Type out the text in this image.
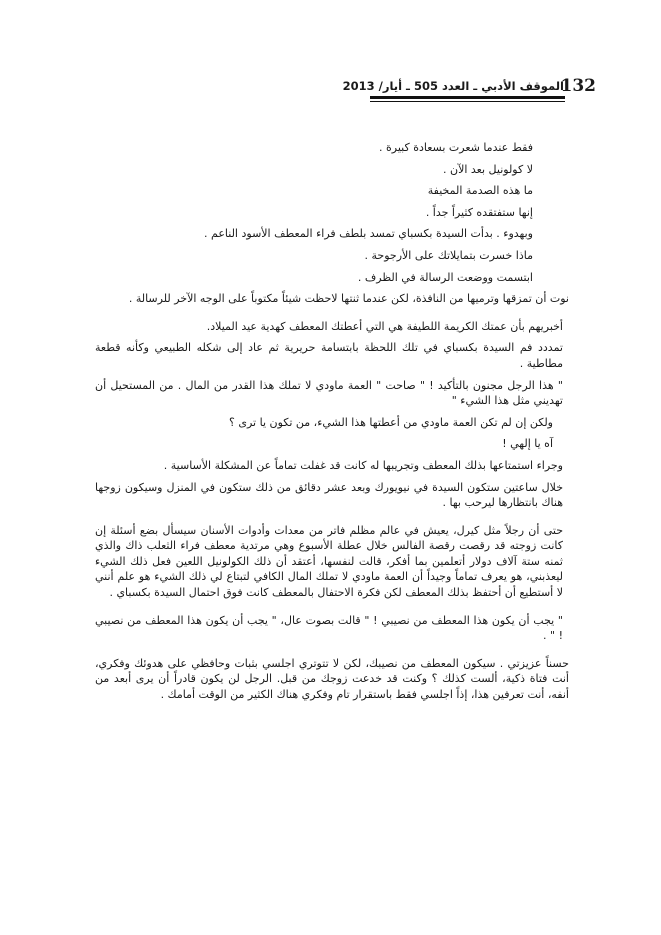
132
الموقف الأدبي ـ العدد 505 ـ أيار/ 2013

فقط عندما شعرت بسعادة كبيرة .

لا كولونيل بعد الآن .

ما هذه الصدمة المخيفة

إنها ستفتقده كثيراً جداً .

وبهدوء . بدأت السيدة بكسباي تمسد بلطف فراء المعطف الأسود الناعم .

ماذا خسرت بتمايلاتك على الأرجوحة .

ابتسمت ووضعت الرسالة في الظرف .

نوت أن تمزقها وترميها من النافذة، لكن عندما ثنتها لاحظت شيئاً مكتوباً على الوجه الآخر للرسالة .

أخبريهم بأن عمتك الكريمة اللطيفة هي التي أعطتك المعطف كهدية عيد الميلاد.

تمددد فم السيدة بكسباي في تلك اللحظة بابتسامة حريرية ثم عاد إلى شكله الطبيعي وكأنه قطعة مطاطية .

" هذا الرجل مجنون بالتأكيد ! " صاحت " العمة ماودي لا تملك هذا القدر من المال . من المستحيل أن تهديني مثل هذا الشيء "

ولكن إن لم تكن العمة ماودي من أعطتها هذا الشيء، من تكون يا ترى ؟

آه يا إلهي !

وجراء استمتاعها بذلك المعطف وتجريبها له كانت قد غفلت تماماً عن المشكلة الأساسية .

خلال ساعتين ستكون السيدة في نيويورك وبعد عشر دقائق من ذلك ستكون في المنزل وسيكون زوجها هناك بانتظارها ليرحب بها .

حتى أن رجلاً مثل كيرل، يعيش في عالم مظلم فاتر من معدات وأدوات الأسنان سيسأل بضع أسئلة إن كانت زوجته قد رقصت رقصة الفالس خلال عطلة الأسبوع وهي مرتدية معطف فراء الثعلب ذاك والذي ثمنه ستة آلاف دولار أتعلمين بما أفكر، قالت لنفسها، أعتقد أن ذلك الكولونيل اللعين فعل ذلك الشيء ليعذبني، هو يعرف تماماً وجيداً أن العمة ماودي لا تملك المال الكافي لتبتاع لي ذلك الشيء هو علم أنني لا أستطيع أن أحتفظ بذلك المعطف لكن فكرة الاحتفال بالمعطف كانت فوق احتمال السيدة بكسباي .

" يجب أن يكون هذا المعطف من نصيبي ! " قالت بصوت عال، " يجب أن يكون هذا المعطف من نصيبي ! " .

حسناً عزيزتي . سيكون المعطف من نصيبك، لكن لا تتوتري اجلسي بثبات وحافظي على هدوئك وفكري، أنت فتاة ذكية، ألست كذلك ؟ وكنت قد خدعت زوجك من قبل. الرجل لن يكون قادراً أن يرى أبعد من أنفه، أنت تعرفين هذا، إذاً اجلسي فقط باستقرار تام وفكري هناك الكثير من الوقت أمامك .
